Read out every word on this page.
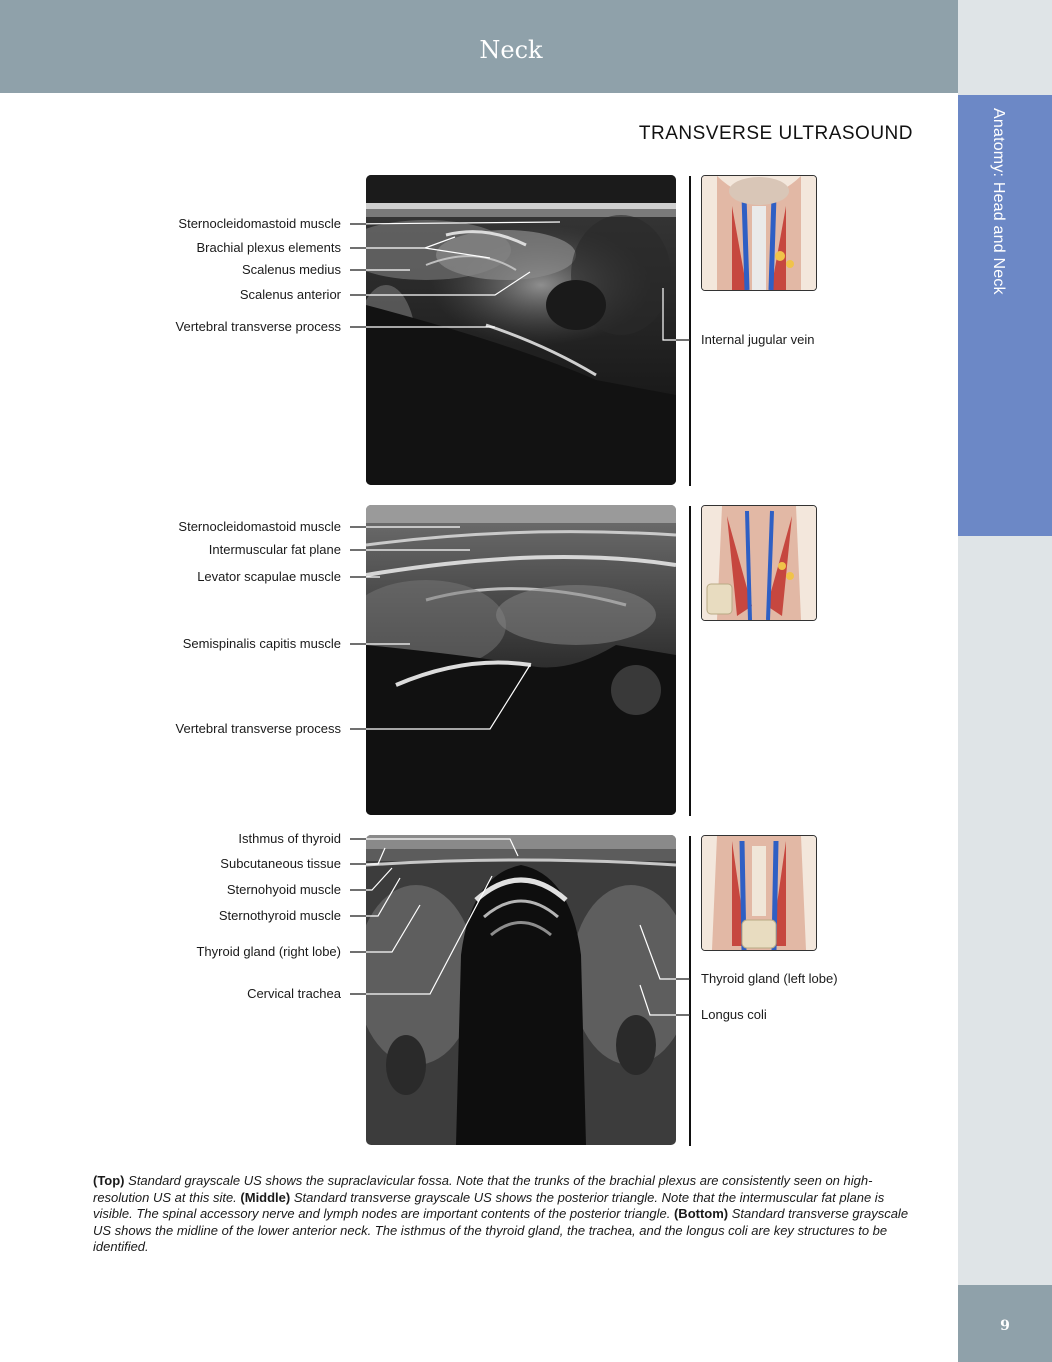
Neck
Anatomy: Head and Neck
9
TRANSVERSE ULTRASOUND
Sternocleidomastoid muscle
Brachial plexus elements
Scalenus medius
Scalenus anterior
Vertebral transverse process
Internal jugular vein
Sternocleidomastoid muscle
Intermuscular fat plane
Levator scapulae muscle
Semispinalis capitis muscle
Vertebral transverse process
Isthmus of thyroid
Subcutaneous tissue
Sternohyoid muscle
Sternothyroid muscle
Thyroid gland (right lobe)
Cervical trachea
Thyroid gland (left lobe)
Longus coli
(Top) Standard grayscale US shows the supraclavicular fossa. Note that the trunks of the brachial plexus are consistently seen on high-resolution US at this site. (Middle) Standard transverse grayscale US shows the posterior triangle. Note that the intermuscular fat plane is visible. The spinal accessory nerve and lymph nodes are important contents of the posterior triangle. (Bottom) Standard transverse grayscale US shows the midline of the lower anterior neck. The isthmus of the thyroid gland, the trachea, and the longus coli are key structures to be identified.
